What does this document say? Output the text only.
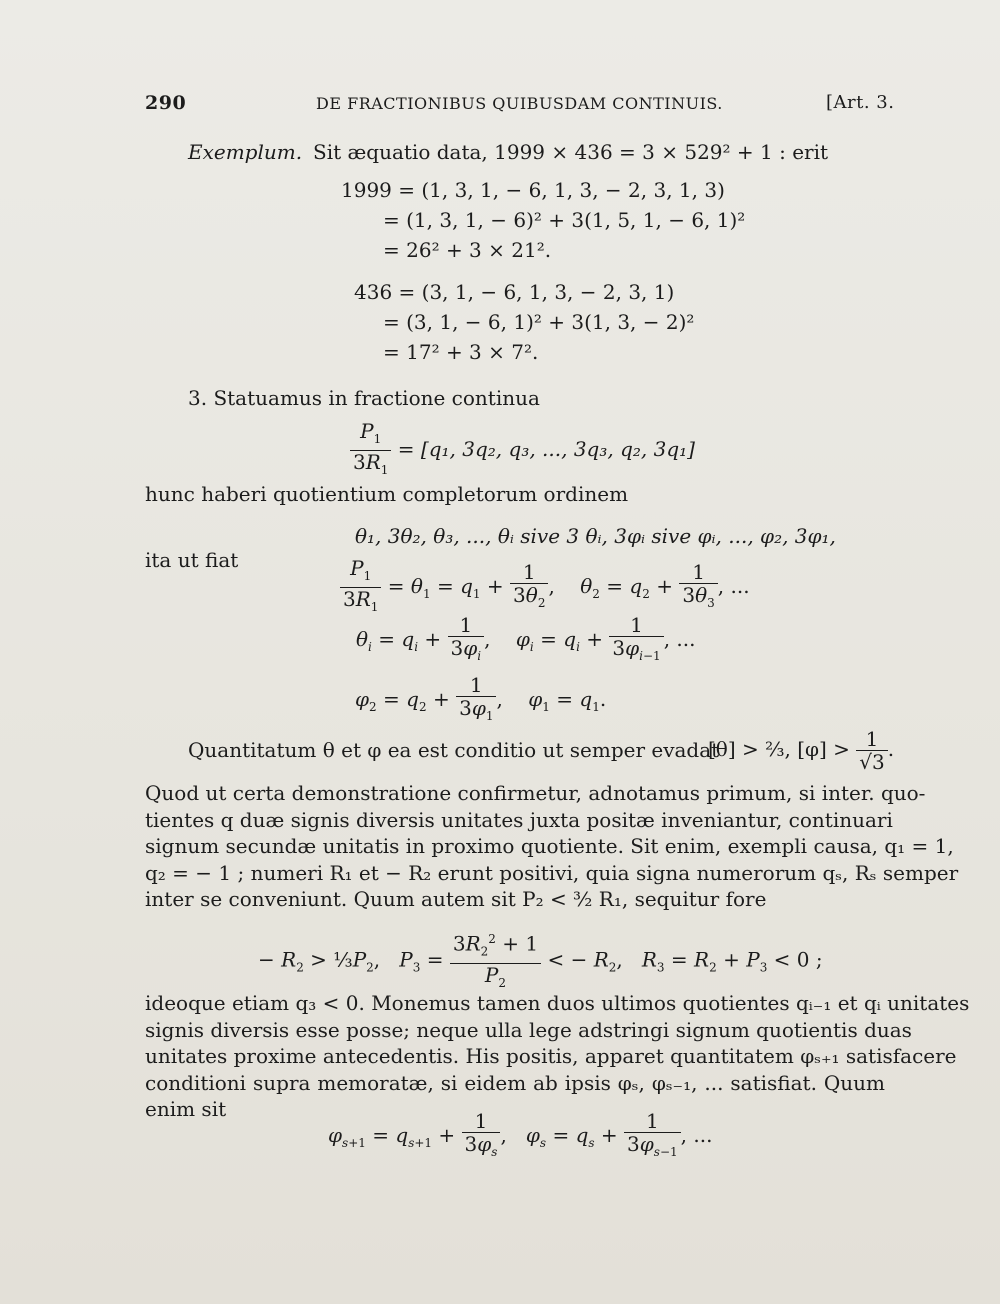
290	DE FRACTIONIBUS QUIBUSDAM CONTINUIS.	[Art. 3.
Exemplum. Sit æquatio data, 1999 × 436 = 3 × 529² + 1 : erit
1999 = (1, 3, 1, − 6, 1, 3, − 2, 3, 1, 3)
= (1, 3, 1, − 6)² + 3(1, 5, 1, − 6, 1)²
= 26² + 3 × 21².
436 = (3, 1, − 6, 1, 3, − 2, 3, 1)
= (3, 1, − 6, 1)² + 3(1, 3, − 2)²
= 17² + 3 × 7².
3. Statuamus in fractione continua
$\frac{P_1}{3R_1} = [q_1$, 3q₂, q₃, ..., 3q₃, q₂, 3q₁]
hunc haberi quotientium completorum ordinem
θ₁, 3θ₂, θ₃, ..., θᵢ sive 3 θᵢ, 3φᵢ sive φᵢ, ..., φ₂, 3φ₁,
ita ut fiat	$\frac{P_1}{3R_1} = \theta_1 = q_1 + \frac{1}{3\theta_2}$ ,    $\theta_2 = q_2 + \frac{1}{3\theta_3}$ , ...
$\theta_i = q_i + \frac{1}{3\varphi_i}$ ,    $\varphi_i = q_i + \frac{1}{3\varphi_{i-1}}$ , ...
$\varphi_2 = q_2 + \frac{1}{3\varphi_1}$ ,    $\varphi_1 = q_1$.
Quantitatum θ et φ ea est conditio ut semper evadat
[θ] > ²⁄₃, $[\varphi] > \frac{1}{√3}$ .
Quod ut certa demonstratione confirmetur, adnotamus primum, si inter. quo-
tientes q duæ signis diversis unitates juxta positæ inveniantur, continuari
signum secundæ unitatis in proximo quotiente. Sit enim, exempli causa, q₁ = 1,
q₂ = − 1 ; numeri R₁ et − R₂ erunt positivi, quia signa numerorum qₛ, Rₛ semper
inter se conveniunt. Quum autem sit P₂ < ³⁄₂ R₁, sequitur fore
− $R_2$ > $\frac{1}{3}P_2$,   $P_3 = \frac{3R_2^2 + 1}{P_2}$ < − $R_2$,   $R_3 = R_2 + P_3 < 0$ ;
ideoque etiam q₃ < 0. Monemus tamen duos ultimos quotientes qᵢ₋₁ et qᵢ unitates
signis diversis esse posse; neque ulla lege adstringi signum quotientis duas
unitates proxime antecedentis. His positis, apparet quantitatem φₛ₊₁ satisfacere
conditioni supra memoratæ, si eidem ab ipsis φₛ, φₛ₋₁, ... satisfiat. Quum
enim sit
$\varphi_{s+1} = q_{s+1} + \frac{1}{3\varphi_s}$ ,   $\varphi_s = q_s + \frac{1}{3\varphi_{s-1}}$ , ...
